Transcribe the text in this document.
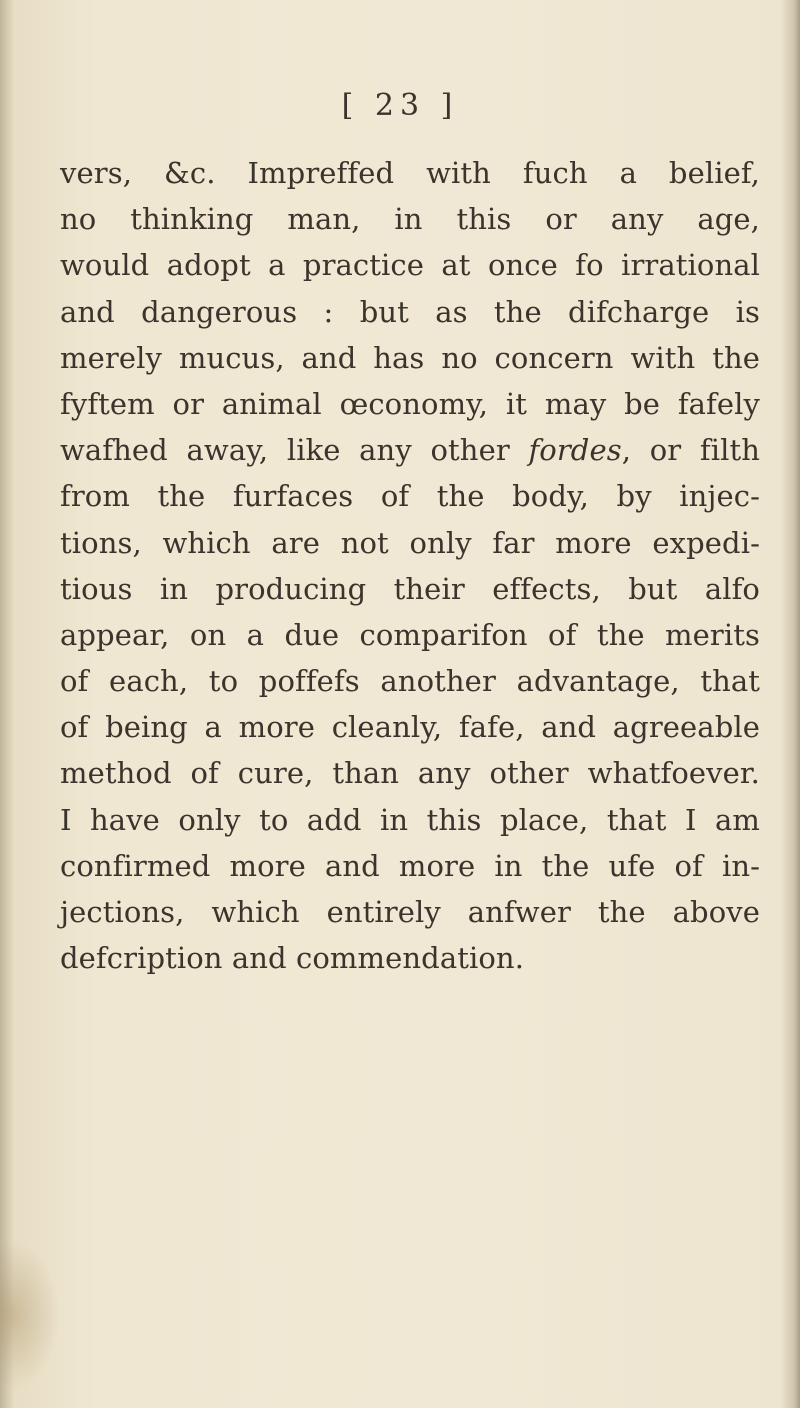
[ 23 ]
vers, &c. Impreffed with fuch a belief,
no thinking man, in this or any age,
would adopt a practice at once fo irrational
and dangerous : but as the difcharge is
merely mucus, and has no concern with the
fyftem or animal œconomy, it may be fafely
wafhed away, like any other fordes, or filth
from the furfaces of the body, by injec-
tions, which are not only far more expedi-
tious in producing their effects, but alfo
appear, on a due comparifon of the merits
of each, to poffefs another advantage, that
of being a more cleanly, fafe, and agreeable
method of cure, than any other whatfoever.
I have only to add in this place, that I am
confirmed more and more in the ufe of in-
jections, which entirely anfwer the above
defcription and commendation.
